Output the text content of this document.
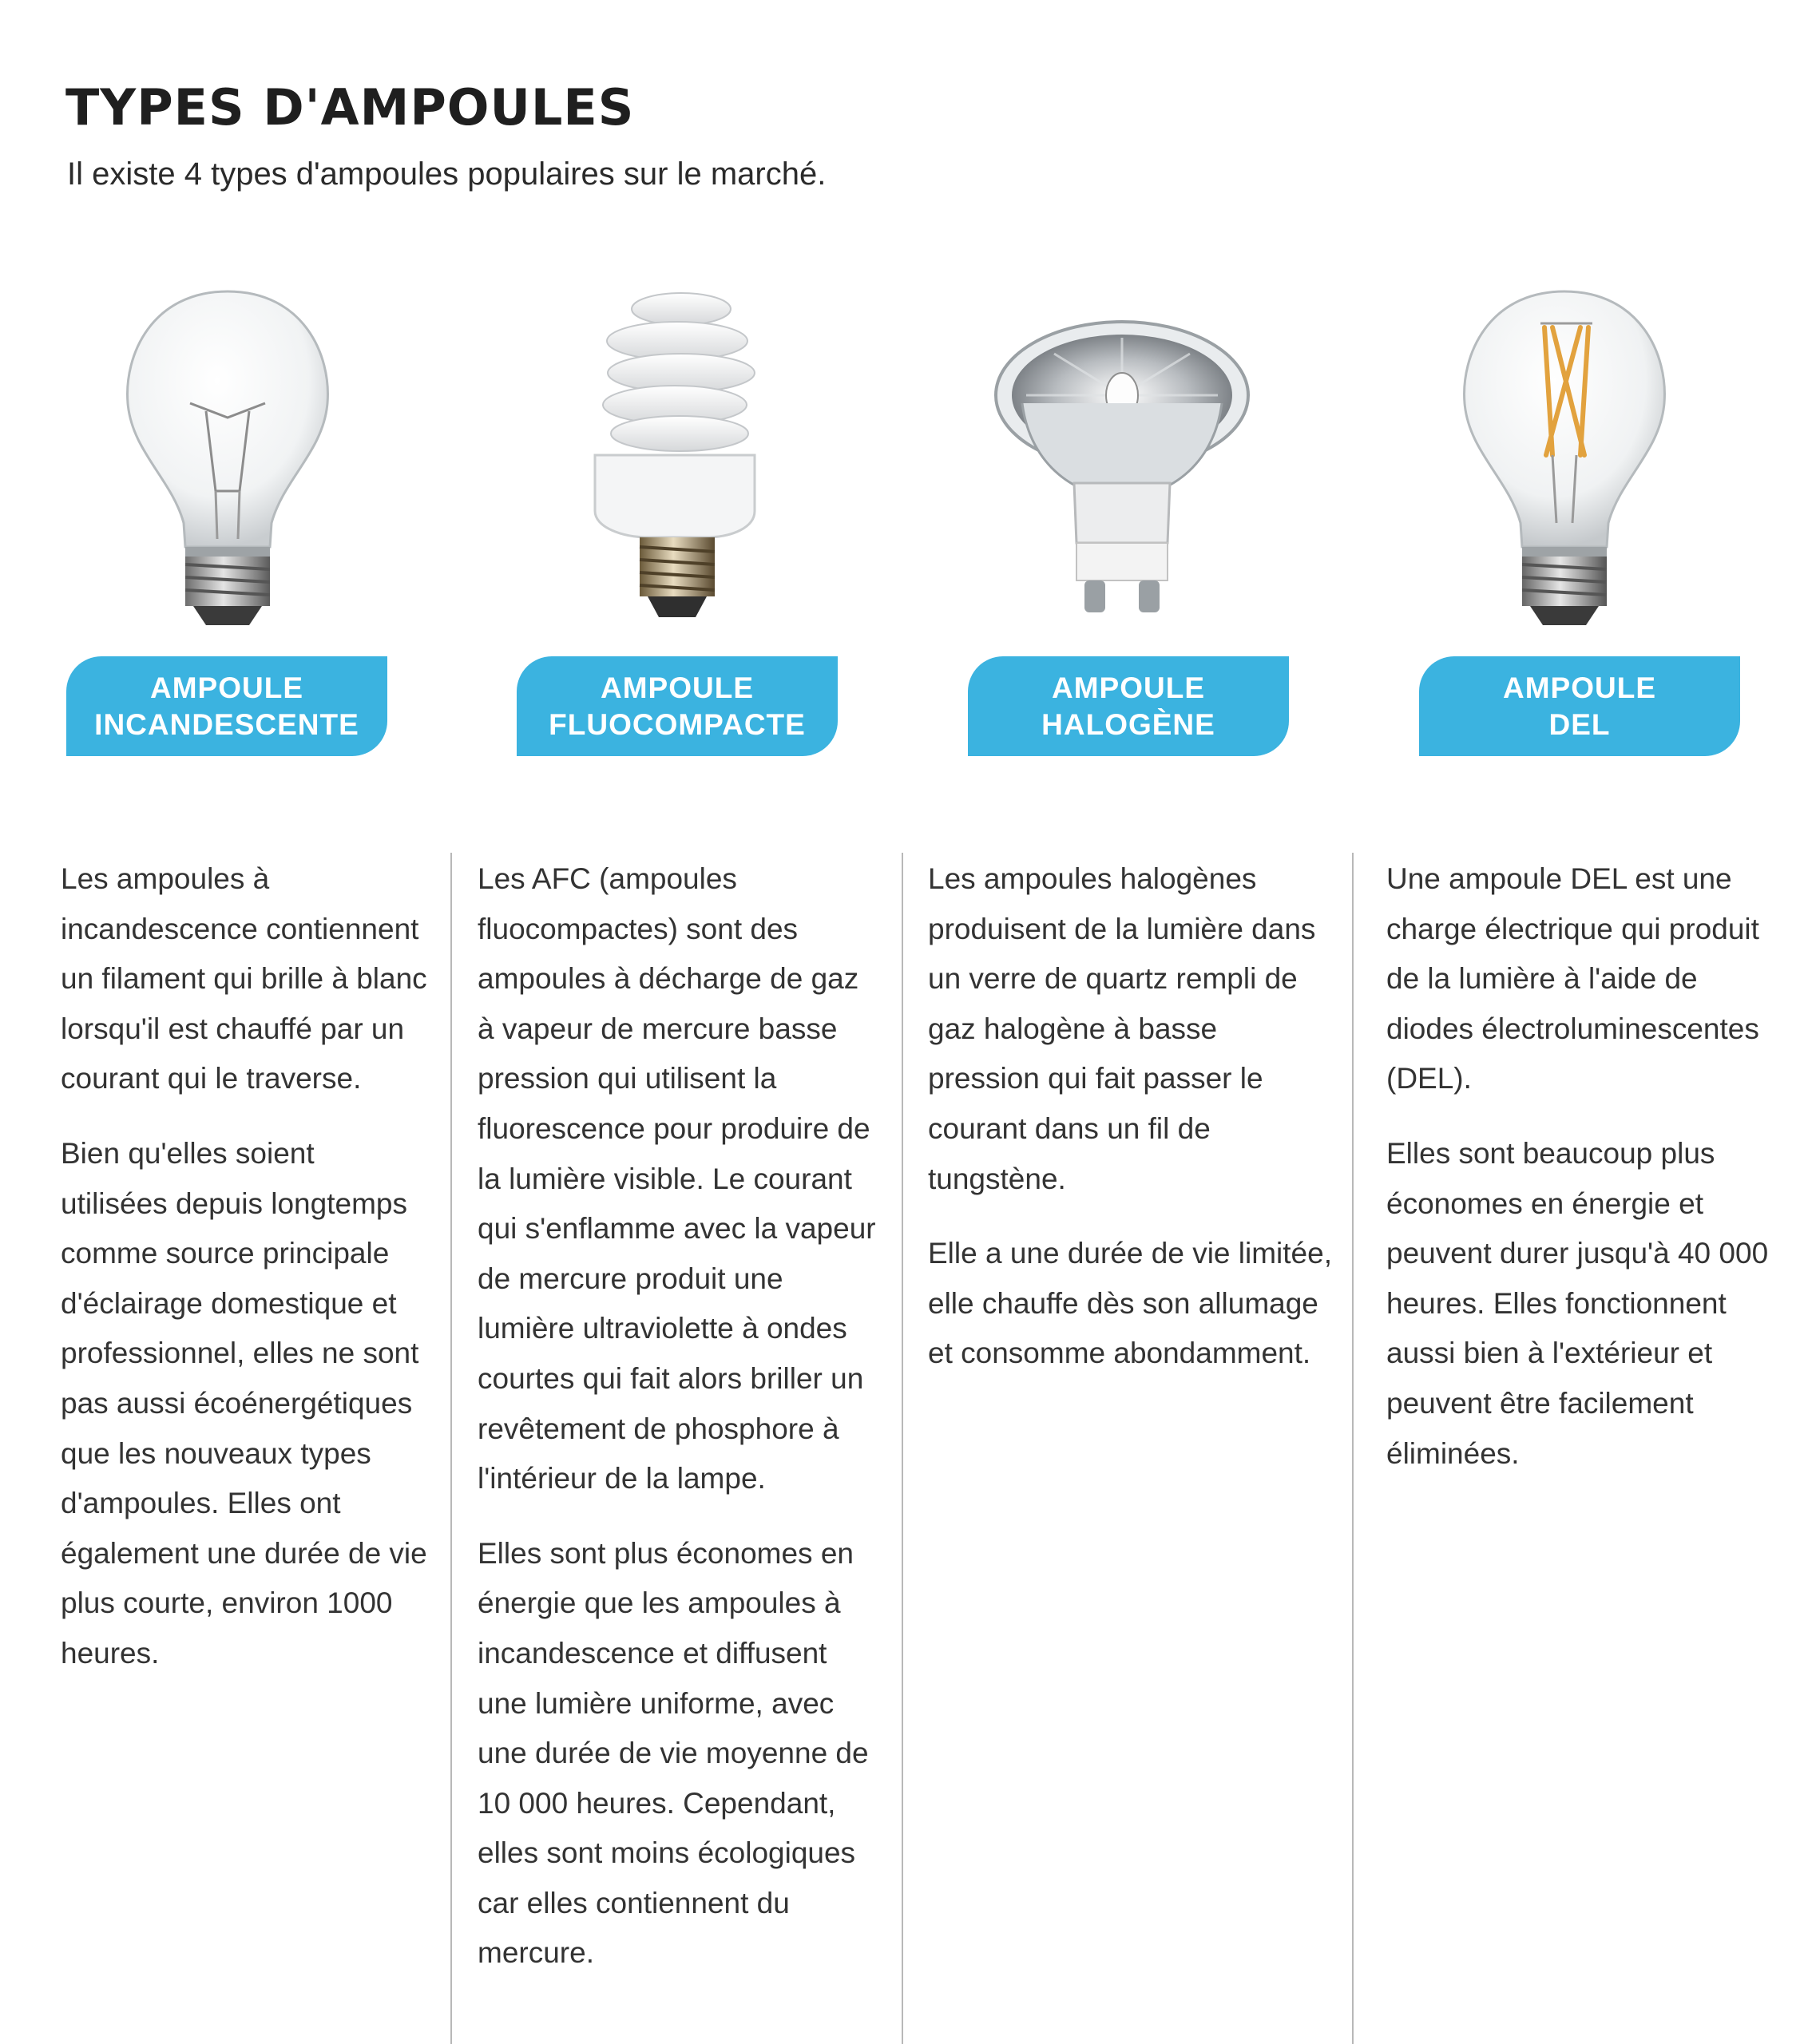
TYPES D'AMPOULES

Il existe 4 types d'ampoules populaires sur le marché.

AMPOULE
INCANDESCENTE
AMPOULE
FLUOCOMPACTE
AMPOULE
HALOGÈNE
AMPOULE
DEL

Les ampoules à incandescence contiennent un filament qui brille à blanc lorsqu'il est chauffé par un courant qui le traverse.

Bien qu'elles soient utilisées depuis longtemps comme source principale d'éclairage domestique et professionnel, elles ne sont pas aussi écoénergétiques que les nouveaux types d'ampoules. Elles ont également une durée de vie plus courte, environ 1000 heures.

Les AFC (ampoules fluocompactes) sont des ampoules à décharge de gaz à vapeur de mercure basse pression qui utilisent la fluorescence pour produire de la lumière visible. Le courant qui s'enflamme avec la vapeur de mercure produit une lumière ultraviolette à ondes courtes qui fait alors briller un revêtement de phosphore à l'intérieur de la lampe.

Elles sont plus économes en énergie que les ampoules à incandescence et diffusent une lumière uniforme, avec une durée de vie moyenne de 10 000 heures. Cependant, elles sont moins écologiques car elles contiennent du mercure.

Les ampoules halogènes produisent de la lumière dans un verre de quartz rempli de gaz halogène à basse pression qui fait passer le courant dans un fil de tungstène.

Elle a une durée de vie limitée, elle chauffe dès son allumage et consomme abondamment.

Une ampoule DEL est une charge électrique qui produit de la lumière à l'aide de diodes électroluminescentes (DEL).

Elles sont beaucoup plus économes en énergie et peuvent durer jusqu'à 40 000 heures. Elles fonctionnent aussi bien à l'extérieur et peuvent être facilement éliminées.
